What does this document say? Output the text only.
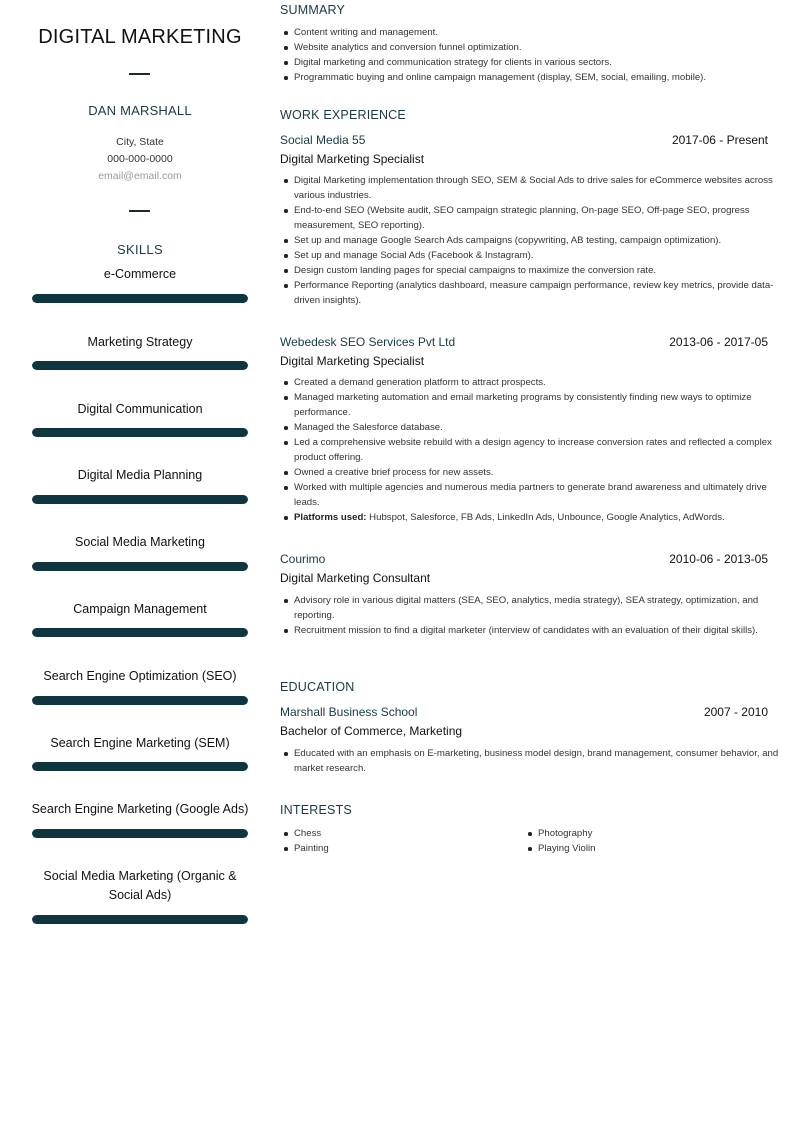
DIGITAL MARKETING
DAN MARSHALL
City, State
000-000-0000
email@email.com
SKILLS
e-Commerce
Marketing Strategy
Digital Communication
Digital Media Planning
Social Media Marketing
Campaign Management
Search Engine Optimization (SEO)
Search Engine Marketing (SEM)
Search Engine Marketing (Google Ads)
Social Media Marketing (Organic & Social Ads)
SUMMARY
Content writing and management.
Website analytics and conversion funnel optimization.
Digital marketing and communication strategy for clients in various sectors.
Programmatic buying and online campaign management (display, SEM, social, emailing, mobile).
WORK EXPERIENCE
Social Media 55	2017-06 - Present
Digital Marketing Specialist
Digital Marketing implementation through SEO, SEM & Social Ads to drive sales for eCommerce websites across various industries.
End-to-end SEO (Website audit, SEO campaign strategic planning, On-page SEO, Off-page SEO, progress measurement, SEO reporting).
Set up and manage Google Search Ads campaigns (copywriting, AB testing, campaign optimization).
Set up and manage Social Ads (Facebook & Instagram).
Design custom landing pages for special campaigns to maximize the conversion rate.
Performance Reporting (analytics dashboard, measure campaign performance, review key metrics, provide data-driven insights).
Webedesk SEO Services Pvt Ltd	2013-06 - 2017-05
Digital Marketing Specialist
Created a demand generation platform to attract prospects.
Managed marketing automation and email marketing programs by consistently finding new ways to optimize performance.
Managed the Salesforce database.
Led a comprehensive website rebuild with a design agency to increase conversion rates and reflected a complex product offering.
Owned a creative brief process for new assets.
Worked with multiple agencies and numerous media partners to generate brand awareness and ultimately drive leads.
Platforms used: Hubspot, Salesforce, FB Ads, LinkedIn Ads, Unbounce, Google Analytics, AdWords.
Courimo	2010-06 - 2013-05
Digital Marketing Consultant
Advisory role in various digital matters (SEA, SEO, analytics, media strategy), SEA strategy, optimization, and reporting.
Recruitment mission to find a digital marketer (interview of candidates with an evaluation of their digital skills).
EDUCATION
Marshall Business School	2007 - 2010
Bachelor of Commerce, Marketing
Educated with an emphasis on E-marketing, business model design, brand management, consumer behavior, and market research.
INTERESTS
Chess
Painting
Photography
Playing Violin
